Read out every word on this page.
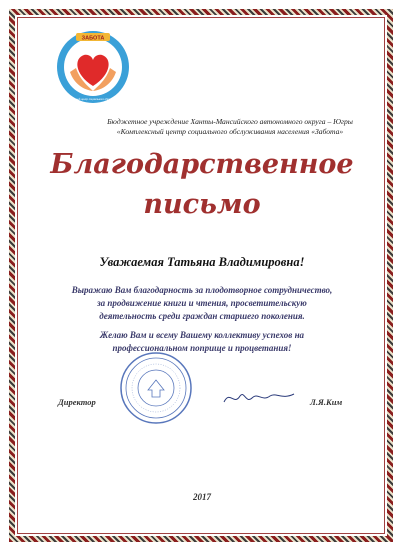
ЗАБОТА
Комплексный центр социального обслуживания
Бюджетное учреждение Ханты-Мансийского автономного округа – Югры
«Комплексный центр социального обслуживания населения «Забота»
Благодарственное
письмо
Уважаемая Татьяна Владимировна!

Выражаю Вам благодарность за плодотворное сотрудничество,
за продвижение книги и чтения, просветительскую
деятельность среди граждан старшего поколения.

Желаю Вам и всему Вашему коллективу успехов на
профессиональном поприще и процветания!

Директор	Л.Я.Ким
2017
